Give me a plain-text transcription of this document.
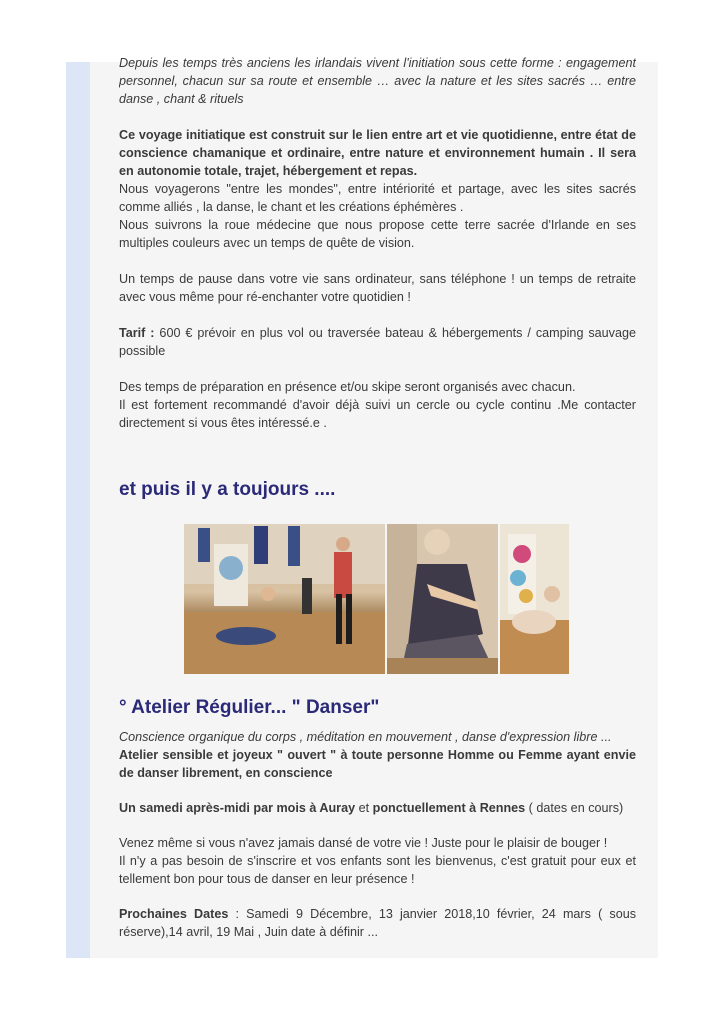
Depuis les temps très anciens les irlandais vivent l'initiation sous cette forme : engagement personnel, chacun sur sa route et ensemble … avec la nature et les sites sacrés … entre danse , chant & rituels

Ce voyage initiatique est construit sur le lien entre art et vie quotidienne, entre état de conscience chamanique et ordinaire, entre nature et environnement humain . Il sera en autonomie totale, trajet, hébergement et repas.

Nous voyagerons "entre les mondes", entre intériorité et partage, avec les sites sacrés comme alliés , la danse, le chant et les créations éphémères .

Nous suivrons la roue médecine que nous propose cette terre sacrée d'Irlande en ses multiples couleurs avec un temps de quête de vision.

Un temps de pause dans votre vie sans ordinateur, sans téléphone ! un temps de retraite avec vous même pour ré-enchanter votre quotidien !

Tarif : 600 € prévoir en plus vol ou traversée bateau & hébergements / camping sauvage possible

Des temps de préparation en présence et/ou skipe seront organisés avec chacun.

Il est fortement recommandé d'avoir déjà suivi un cercle ou cycle continu .Me contacter directement si vous êtes intéressé.e .

et puis il y a toujours ....
° Atelier Régulier... " Danser"

Conscience organique du corps , méditation en mouvement , danse d'expression libre ...

Atelier sensible et joyeux " ouvert " à toute personne Homme ou Femme ayant envie de danser librement, en conscience

Un samedi après-midi par mois à Auray et ponctuellement à Rennes ( dates en cours)

Venez même si vous n'avez jamais dansé de votre vie ! Juste pour le plaisir de bouger !

Il n'y a pas besoin de s'inscrire et vos enfants sont les bienvenus, c'est gratuit pour eux et tellement bon pour tous de danser en leur présence !

Prochaines Dates : Samedi 9 Décembre, 13 janvier 2018,10 février, 24 mars ( sous réserve),14 avril, 19 Mai , Juin date à définir ...
